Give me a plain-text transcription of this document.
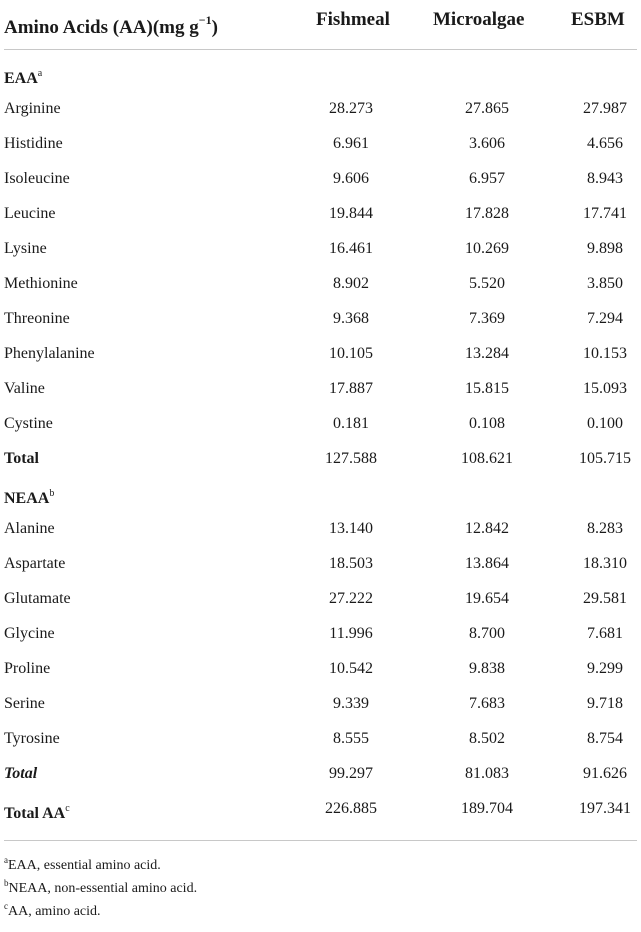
Amino Acids (AA)(mg $g^{-1}$)	Fishmeal Microalgae ESBM
EAA$^a$
Arginine	28.273	27.865	27.987
Histidine	6.961	3.606	4.656
Isoleucine	9.606	6.957	8.943
Leucine	19.844	17.828	17.741
Lysine	16.461	10.269	9.898
Methionine	8.902	5.520	3.850
Threonine	9.368	7.369	7.294
Phenylalanine	10.105	13.284	10.153
Valine	17.887	15.815	15.093
Cystine	0.181	0.108	0.100
Total	127.588	108.621	105.715
NEAA$^b$
Alanine	13.140	12.842	8.283
Aspartate	18.503	13.864	18.310
Glutamate	27.222	19.654	29.581
Glycine	11.996	8.700	7.681
Proline	10.542	9.838	9.299
Serine	9.339	7.683	9.718
Tyrosine	8.555	8.502	8.754
Total	99.297	81.083	91.626
Total $AA^c$	226.885	189.704	197.341
$^a$EAA, essential amino acid.
$^b$NEAA, non-essential amino acid.
$^c$AA, amino acid.
